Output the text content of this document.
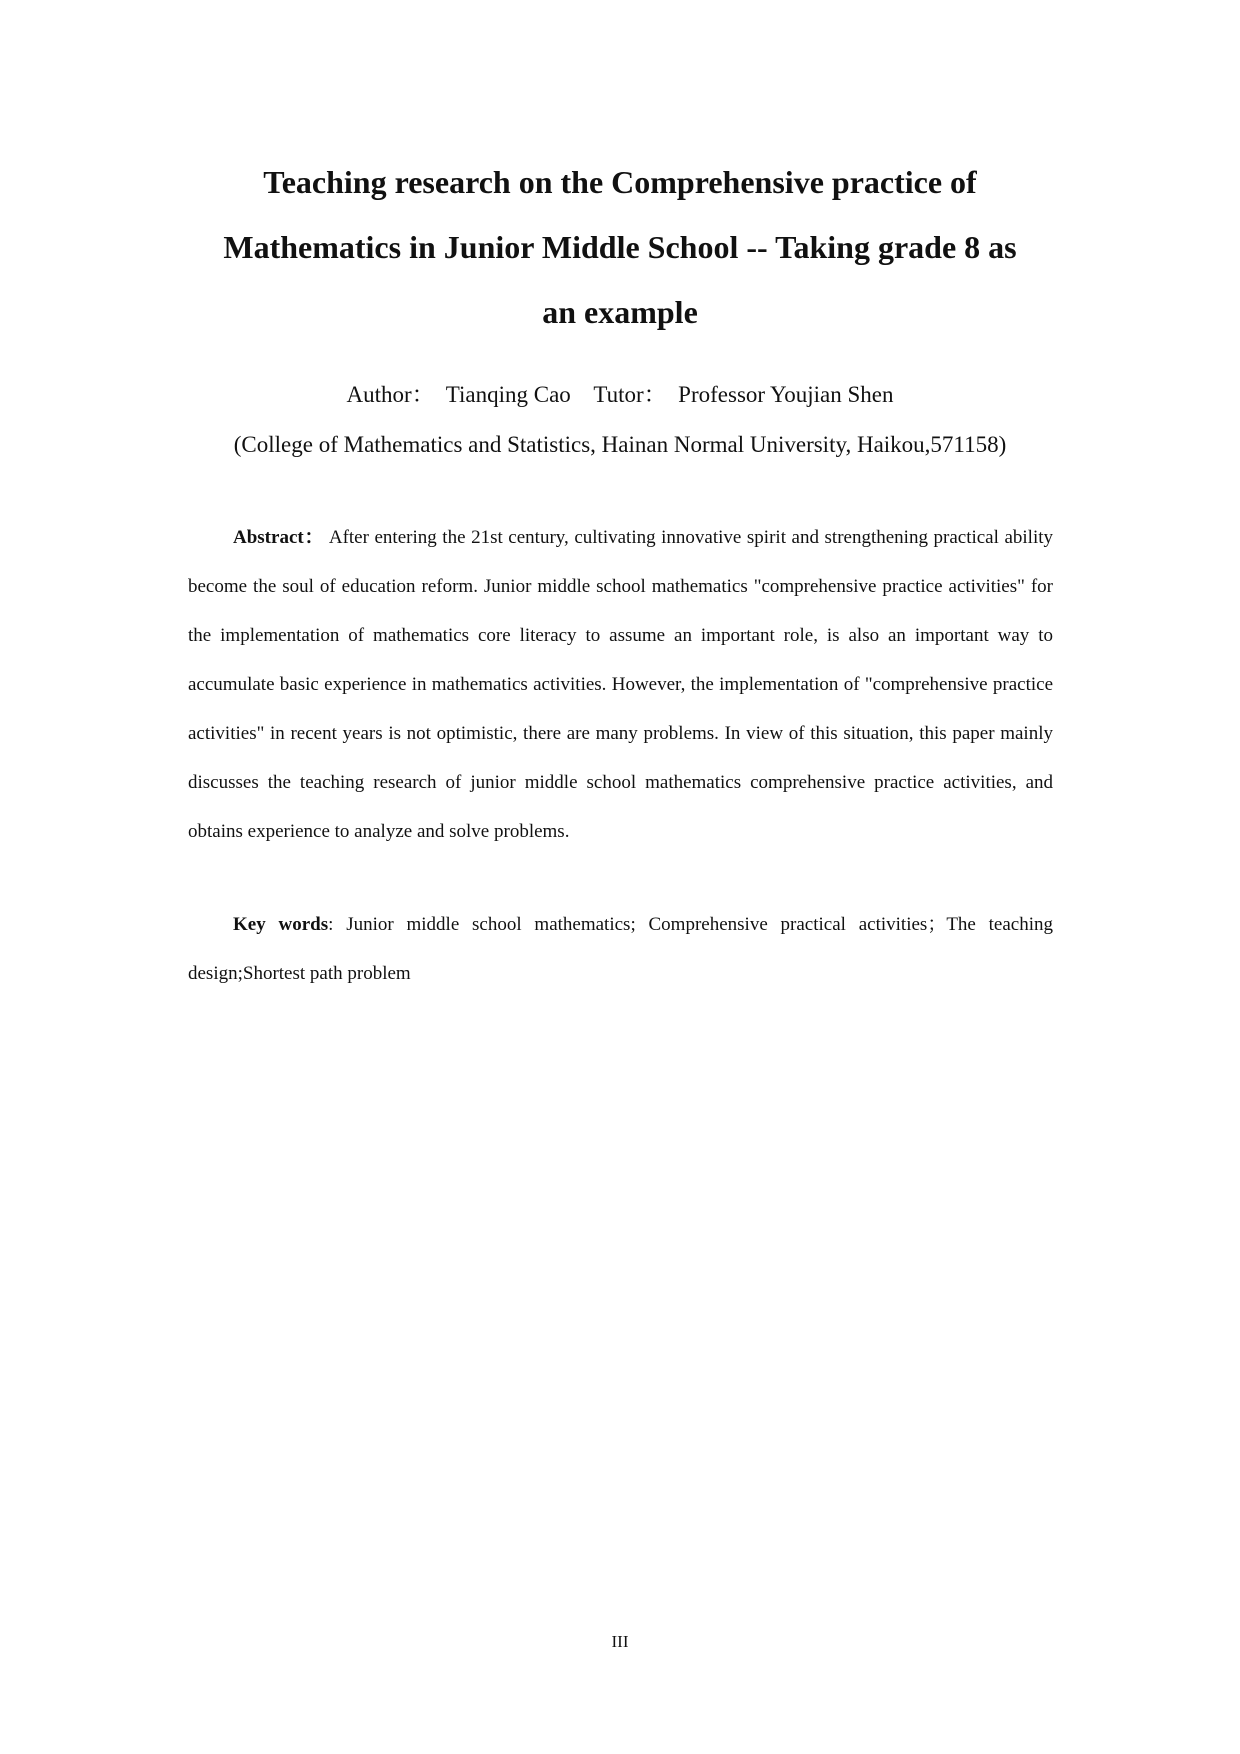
Teaching research on the Comprehensive practice of
Mathematics in Junior Middle School -- Taking grade 8 as
an example
Author： Tianqing Cao Tutor： Professor Youjian Shen
(College of Mathematics and Statistics, Hainan Normal University, Haikou,571158)

Abstract： After entering the 21st century, cultivating innovative spirit and strengthening practical ability become the soul of education reform. Junior middle school mathematics "comprehensive practice activities" for the implementation of mathematics core literacy to assume an important role, is also an important way to accumulate basic experience in mathematics activities. However, the implementation of "comprehensive practice activities" in recent years is not optimistic, there are many problems. In view of this situation, this paper mainly discusses the teaching research of junior middle school mathematics comprehensive practice activities, and obtains experience to analyze and solve problems.

Key words: Junior middle school mathematics; Comprehensive practical activities；The teaching design;Shortest path problem

III
